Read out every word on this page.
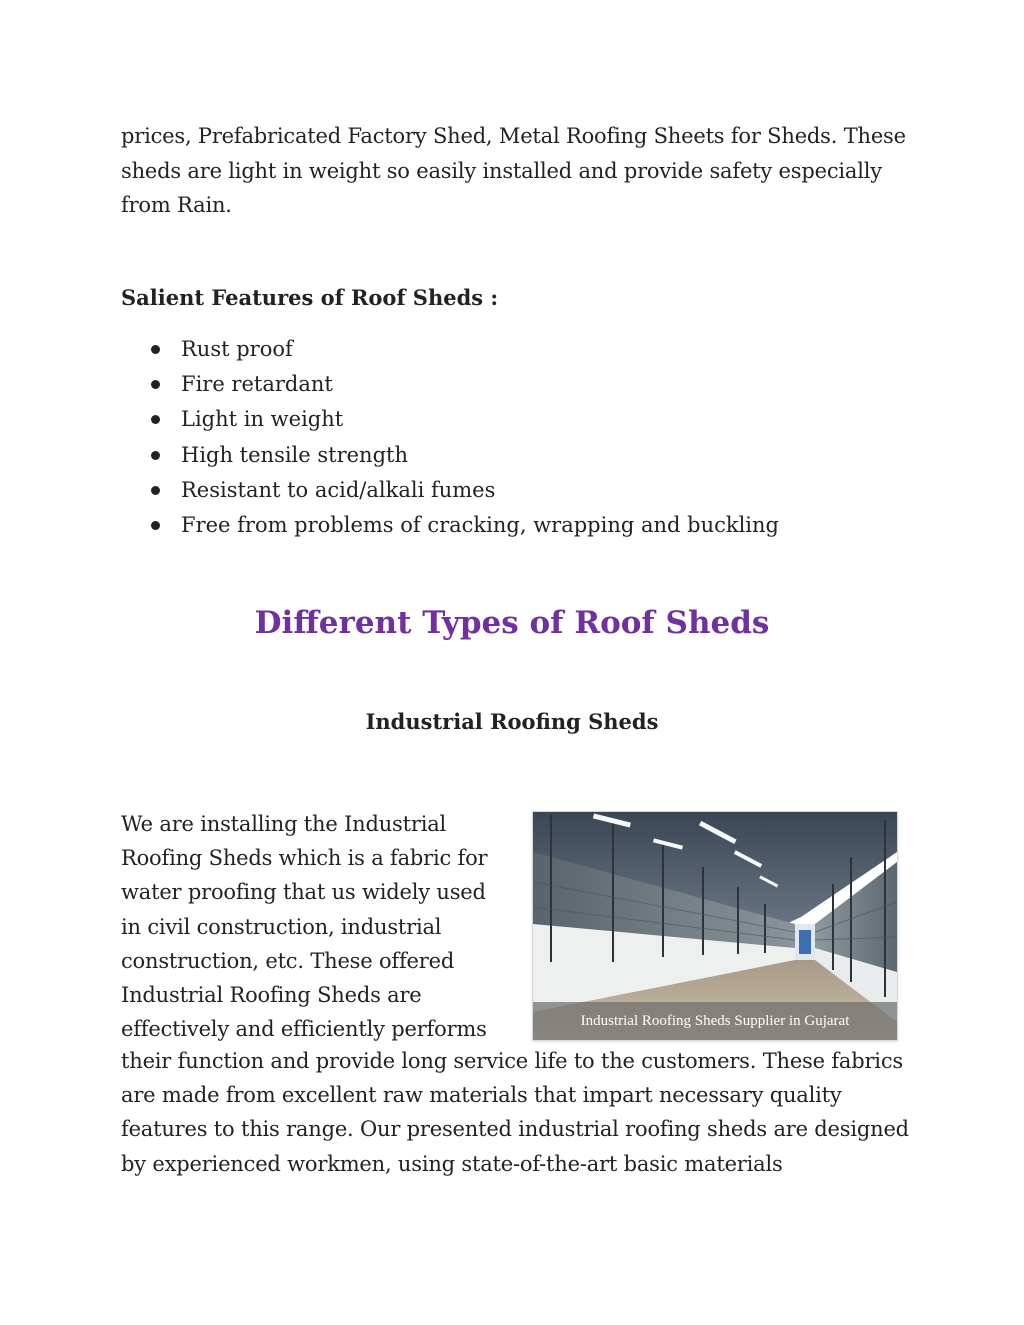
prices, Prefabricated Factory Shed, Metal Roofing Sheets for Sheds. These sheds are light in weight so easily installed and provide safety especially from Rain.

Salient Features of Roof Sheds :
Rust proof
Fire retardant
Light in weight
High tensile strength
Resistant to acid/alkali fumes
Free from problems of cracking, wrapping and buckling
Different Types of Roof Sheds
Industrial Roofing Sheds

We are installing the Industrial Roofing Sheds which is a fabric for water proofing that us widely used in civil construction, industrial construction, etc. These offered Industrial Roofing Sheds are effectively and efficiently performs	Industrial Roofing Sheds Supplier in Gujarat

their function and provide long service life to the customers. These fabrics are made from excellent raw materials that impart necessary quality features to this range. Our presented industrial roofing sheds are designed by experienced workmen, using state-of-the-art basic materials
